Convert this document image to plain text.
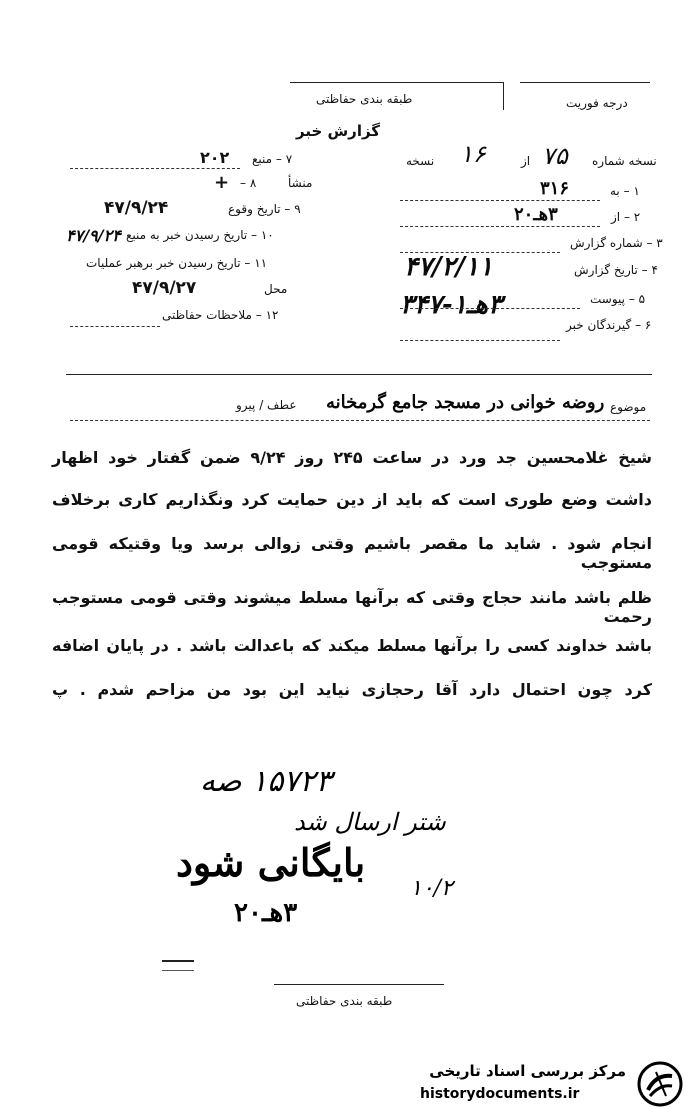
طبقه بندی حفاظتی	درجه فوریت
گزارش خبر
نسخه شماره
۷۵
از
۱۶
نسخه
۱ – به
۳۱۶
۲ – از
۳هـ۲۰
۳ – شماره گزارش
۴ – تاریخ گزارش
۴۷/۲/۱۱
۵ – پیوست
۶ – گیرندگان خبر
۳هـ۱-۳۴۷
۷ – منبع
۲۰۲
منشأ
۸ –
+
۹ – تاریخ وقوع
۴۷/۹/۲۴
۱۰ – تاریخ رسیدن خبر به منبع
۴۷/۹/۲۴
۱۱ – تاریخ رسیدن خبر برهبر عملیات
محل
۴۷/۹/۲۷
۱۲ – ملاحظات حفاظتی
موضوع
روضه خوانی در مسجد جامع گرمخانه
عطف / پیرو
شیخ غلامحسین جد ورد در ساعت ۲۴۵ روز ۹/۲۴ ضمن گفتار خود اظهار
داشت وضع طوری است که باید از دین حمایت کرد ونگذاریم کاری برخلاف
انجام شود . شاید ما مقصر باشیم وقتی زوالی برسد ویا وقتیکه قومی مستوجب
ظلم باشد مانند حجاج وقتی که برآنها مسلط میشوند وقتی قومی مستوجب رحمت
باشد خداوند کسی را برآنها مسلط میکند که باعدالت باشد . در پایان اضافه
کرد چون احتمال دارد آقا رحجازی نیاید این بود من مزاحم شدم . پ
۱۵۷۲۳ صه
شتر ارسال شد
بایگانی شود
۱۰/۲
۳هـ۲۰
طبقه بندی حفاظتی
مرکز بررسی اسناد تاریخی
historydocuments.ir
